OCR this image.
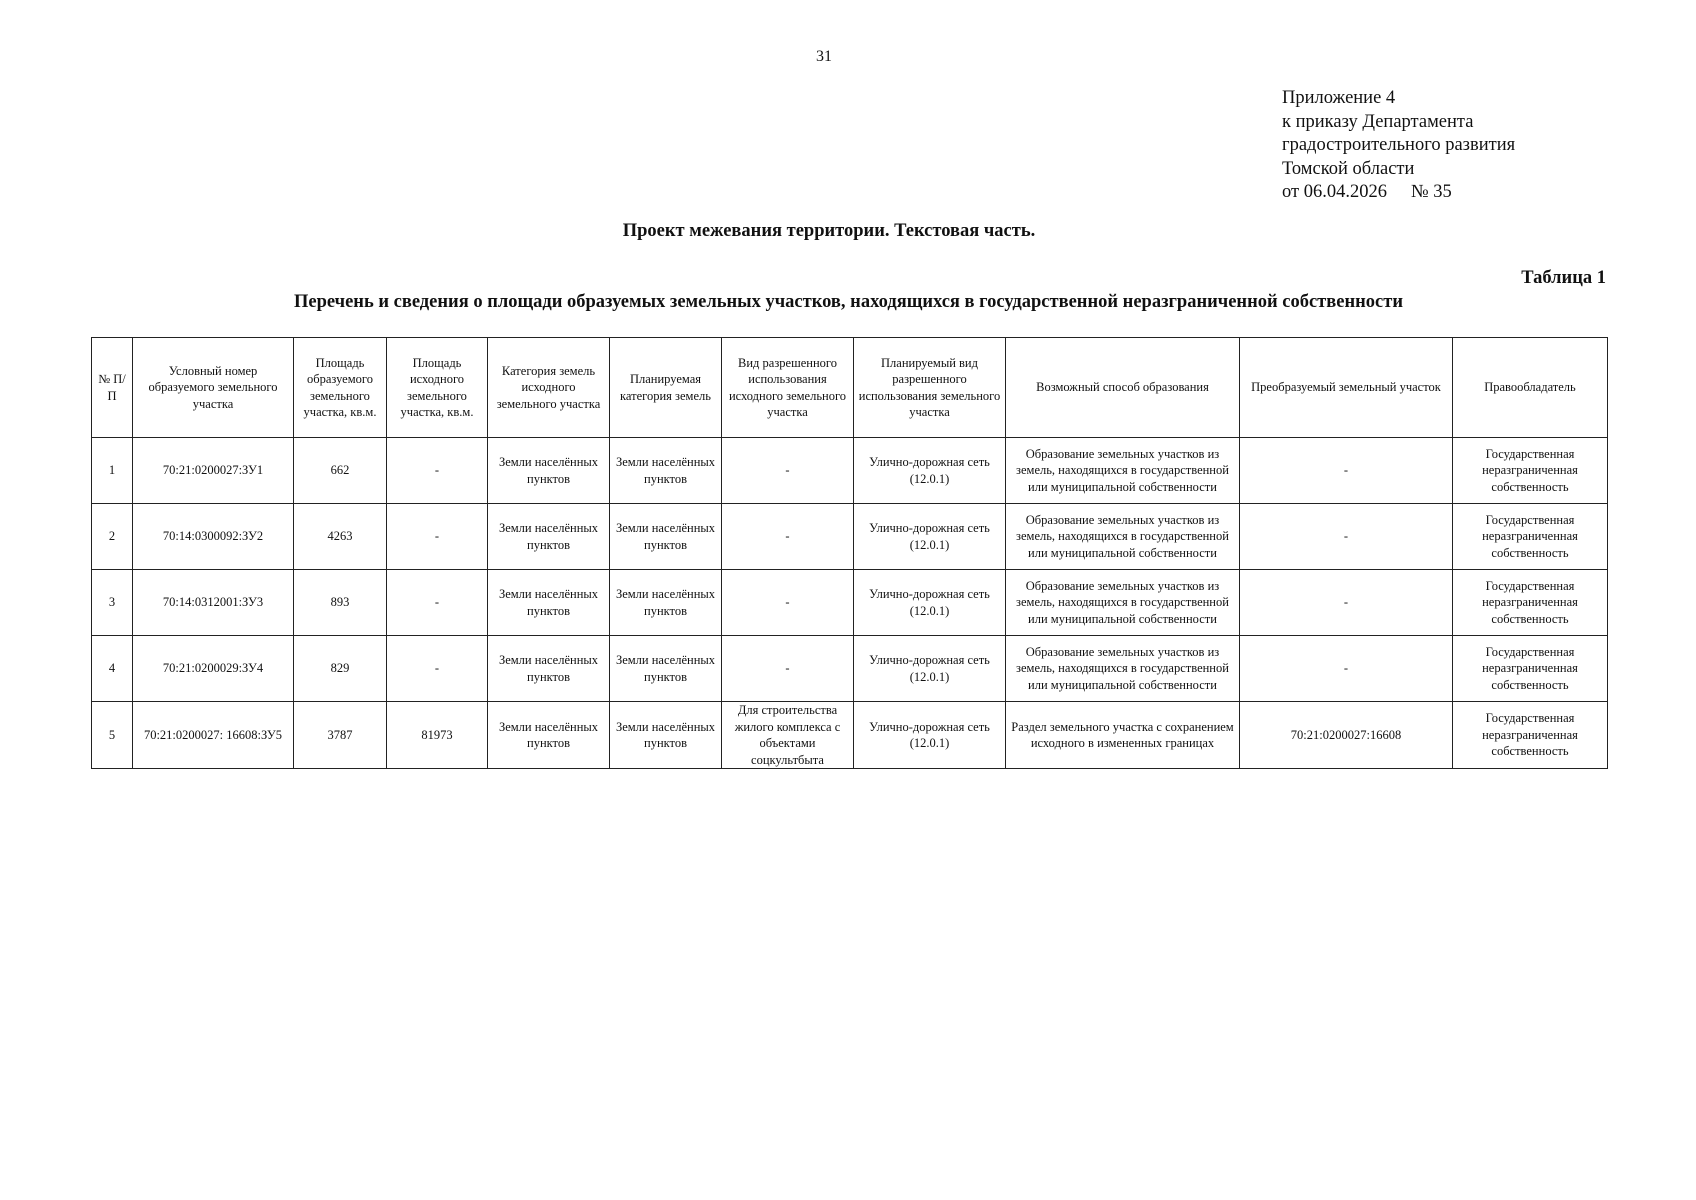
31
Приложение 4
к приказу Департамента
градостроительного развития
Томской области
от 06.04.2026 № 35
Проект межевания территории. Текстовая часть.
Таблица 1
Перечень и сведения о площади образуемых земельных участков, находящихся в государственной неразграниченной собственности
№ П/П	Условный номер образуемого земельного участка	Площадь образуемого земельного участка, кв.м.	Площадь исходного земельного участка, кв.м.	Категория земель исходного земельного участка	Планируемая категория земель	Вид разрешенного использования исходного земельного участка	Планируемый вид разрешенного использования земельного участка	Возможный способ образования	Преобразуемый земельный участок	Правообладатель
1	70:21:0200027:ЗУ1	662	-	Земли населённых пунктов	Земли населённых пунктов	-	Улично-дорожная сеть (12.0.1)	Образование земельных участков из земель, находящихся в государственной или муниципальной собственности	-	Государственная неразграниченная собственность
2	70:14:0300092:ЗУ2	4263	-	Земли населённых пунктов	Земли населённых пунктов	-	Улично-дорожная сеть (12.0.1)	Образование земельных участков из земель, находящихся в государственной или муниципальной собственности	-	Государственная неразграниченная собственность
3	70:14:0312001:ЗУ3	893	-	Земли населённых пунктов	Земли населённых пунктов	-	Улично-дорожная сеть (12.0.1)	Образование земельных участков из земель, находящихся в государственной или муниципальной собственности	-	Государственная неразграниченная собственность
4	70:21:0200029:ЗУ4	829	-	Земли населённых пунктов	Земли населённых пунктов	-	Улично-дорожная сеть (12.0.1)	Образование земельных участков из земель, находящихся в государственной или муниципальной собственности	-	Государственная неразграниченная собственность
5	70:21:0200027: 16608:ЗУ5	3787	81973	Земли населённых пунктов	Земли населённых пунктов	Для строительства жилого комплекса с объектами соцкультбыта	Улично-дорожная сеть (12.0.1)	Раздел земельного участка с сохранением исходного в измененных границах	70:21:0200027:16608	Государственная неразграниченная собственность
